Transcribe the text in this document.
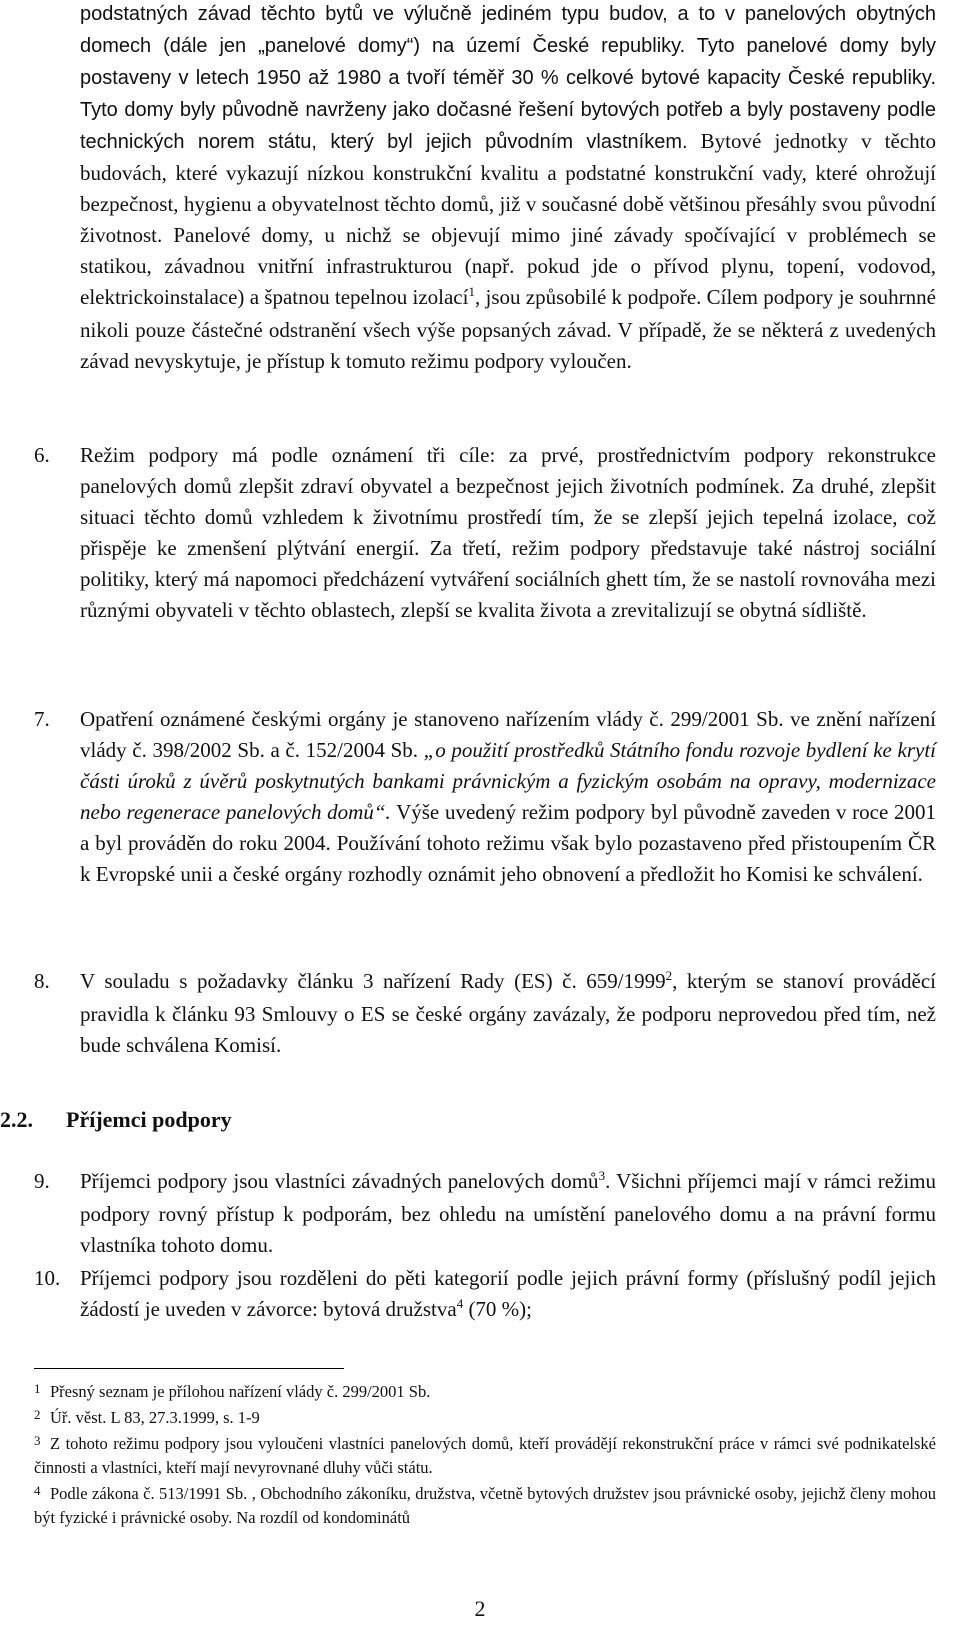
podstatných závad těchto bytů ve výlučně jediném typu budov, a to v panelových obytných domech (dále jen „panelové domy“) na území České republiky. Tyto panelové domy byly postaveny v letech 1950 až 1980 a tvoří téměř 30 % celkové bytové kapacity České republiky. Tyto domy byly původně navrženy jako dočasné řešení bytových potřeb a byly postaveny podle technických norem státu, který byl jejich původním vlastníkem. Bytové jednotky v těchto budovách, které vykazují nízkou konstrukční kvalitu a podstatné konstrukční vady, které ohrožují bezpečnost, hygienu a obyvatelnost těchto domů, již v současné době většinou přesáhly svou původní životnost. Panelové domy, u nichž se objevují mimo jiné závady spočívající v problémech se statikou, závadnou vnitřní infrastrukturou (např. pokud jde o přívod plynu, topení, vodovod, elektrickoinstalace) a špatnou tepelnou izolací$^1$, jsou způsobilé k podpoře. Cílem podpory je souhrnné nikoli pouze částečné odstranění všech výše popsaných závad. V případě, že se některá z uvedených závad nevyskytuje, je přístup k tomuto režimu podpory vyloučen.

6. Režim podpory má podle oznámení tři cíle: za prvé, prostřednictvím podpory rekonstrukce panelových domů zlepšit zdraví obyvatel a bezpečnost jejich životních podmínek. Za druhé, zlepšit situaci těchto domů vzhledem k životnímu prostředí tím, že se zlepší jejich tepelná izolace, což přispěje ke zmenšení plýtvání energií. Za třetí, režim podpory představuje také nástroj sociální politiky, který má napomoci předcházení vytváření sociálních ghett tím, že se nastolí rovnováha mezi různými obyvateli v těchto oblastech, zlepší se kvalita života a zrevitalizují se obytná sídliště.

7. Opatření oznámené českými orgány je stanoveno nařízením vlády č. 299/2001 Sb. ve znění nařízení vlády č. 398/2002 Sb. a č. 152/2004 Sb. „o použití prostředků Státního fondu rozvoje bydlení ke krytí části úroků z úvěrů poskytnutých bankami právnickým a fyzickým osobám na opravy, modernizace nebo regenerace panelových domů“. Výše uvedený režim podpory byl původně zaveden v roce 2001 a byl prováděn do roku 2004. Používání tohoto režimu však bylo pozastaveno před přistoupením ČR k Evropské unii a české orgány rozhodly oznámit jeho obnovení a předložit ho Komisi ke schválení.

8. V souladu s požadavky článku 3 nařízení Rady (ES) č. 659/1999$^2$, kterým se stanoví prováděcí pravidla k článku 93 Smlouvy o ES se české orgány zavázaly, že podporu neprovedou před tím, než bude schválena Komisí.

2.2. Příjemci podpory
9. Příjemci podpory jsou vlastníci závadných panelových domů$^3$. Všichni příjemci mají v rámci režimu podpory rovný přístup k podporám, bez ohledu na umístění panelového domu a na právní formu vlastníka tohoto domu.

10. Příjemci podpory jsou rozděleni do pěti kategorií podle jejich právní formy (příslušný podíl jejich žádostí je uveden v závorce: bytová družstva$^4$ (70 %);

1 Přesný seznam je přílohou nařízení vlády č. 299/2001 Sb.
2 Úř. věst. L 83, 27.3.1999, s. 1-9
3 Z tohoto režimu podpory jsou vyloučeni vlastníci panelových domů, kteří provádějí rekonstrukční práce v rámci své podnikatelské činnosti a vlastníci, kteří mají nevyrovnané dluhy vůči státu.
4 Podle zákona č. 513/1991 Sb. , Obchodního zákoníku, družstva, včetně bytových družstev jsou právnické osoby, jejichž členy mohou být fyzické i právnické osoby. Na rozdíl od kondominátů
2
